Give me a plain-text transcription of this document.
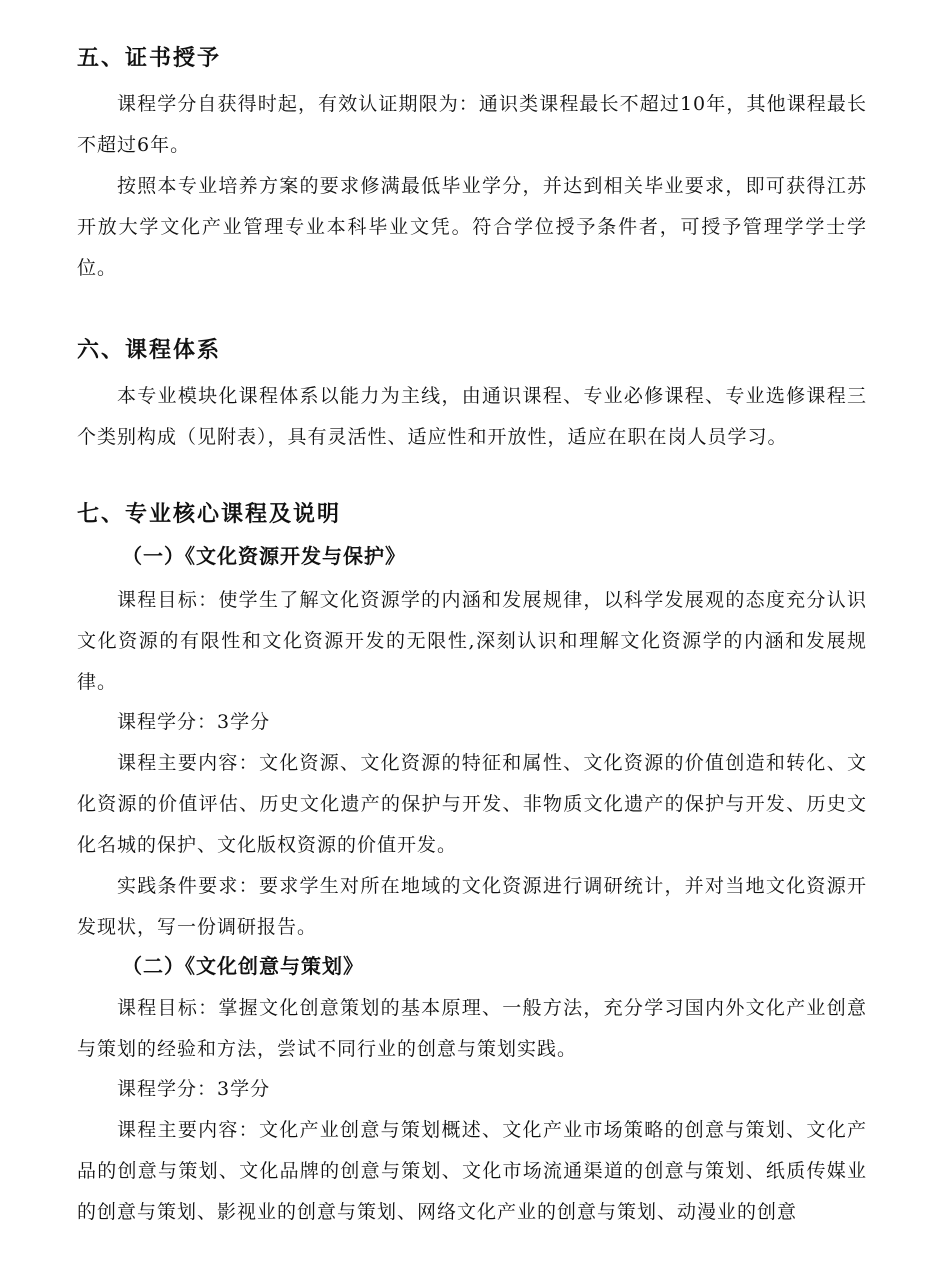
五、证书授予

课程学分自获得时起，有效认证期限为：通识类课程最长不超过10年，其他课程最长不超过6年。

按照本专业培养方案的要求修满最低毕业学分，并达到相关毕业要求，即可获得江苏开放大学文化产业管理专业本科毕业文凭。符合学位授予条件者，可授予管理学学士学位。

六、课程体系

本专业模块化课程体系以能力为主线，由通识课程、专业必修课程、专业选修课程三个类别构成（见附表），具有灵活性、适应性和开放性，适应在职在岗人员学习。

七、专业核心课程及说明
（一）《文化资源开发与保护》

课程目标：使学生了解文化资源学的内涵和发展规律，以科学发展观的态度充分认识文化资源的有限性和文化资源开发的无限性,深刻认识和理解文化资源学的内涵和发展规律。

课程学分：3学分

课程主要内容：文化资源、文化资源的特征和属性、文化资源的价值创造和转化、文化资源的价值评估、历史文化遗产的保护与开发、非物质文化遗产的保护与开发、历史文化名城的保护、文化版权资源的价值开发。

实践条件要求：要求学生对所在地域的文化资源进行调研统计，并对当地文化资源开发现状，写一份调研报告。

（二）《文化创意与策划》

课程目标：掌握文化创意策划的基本原理、一般方法，充分学习国内外文化产业创意与策划的经验和方法，尝试不同行业的创意与策划实践。

课程学分：3学分

课程主要内容：文化产业创意与策划概述、文化产业市场策略的创意与策划、文化产品的创意与策划、文化品牌的创意与策划、文化市场流通渠道的创意与策划、纸质传媒业的创意与策划、影视业的创意与策划、网络文化产业的创意与策划、动漫业的创意
